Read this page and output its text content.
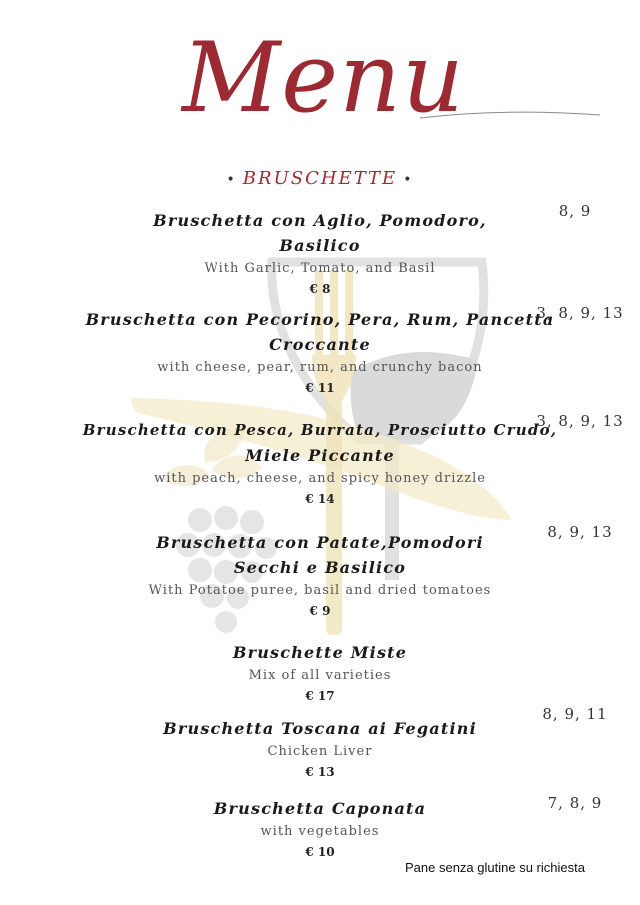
Menu
• BRUSCHETTE •
Bruschetta con Aglio, Pomodoro,
Basilico
With Garlic, Tomato, and Basil
€ 8
8, 9
Bruschetta con Pecorino, Pera, Rum, Pancetta
Croccante
with cheese, pear, rum, and crunchy bacon
€ 11
3, 8, 9, 13
Bruschetta con Pesca, Burrata, Prosciutto Crudo,
Miele Piccante
with peach, cheese, and spicy honey drizzle
€ 14
3, 8, 9, 13
Bruschetta con Patate,Pomodori
Secchi e Basilico
With Potatoe puree, basil and dried tomatoes
€ 9
8, 9, 13
Bruschette Miste
Mix of all varieties
€ 17
Bruschetta Toscana ai Fegatini
Chicken Liver
€ 13
8, 9, 11
Bruschetta Caponata
with vegetables
€ 10
7, 8, 9
Pane senza glutine su richiesta
